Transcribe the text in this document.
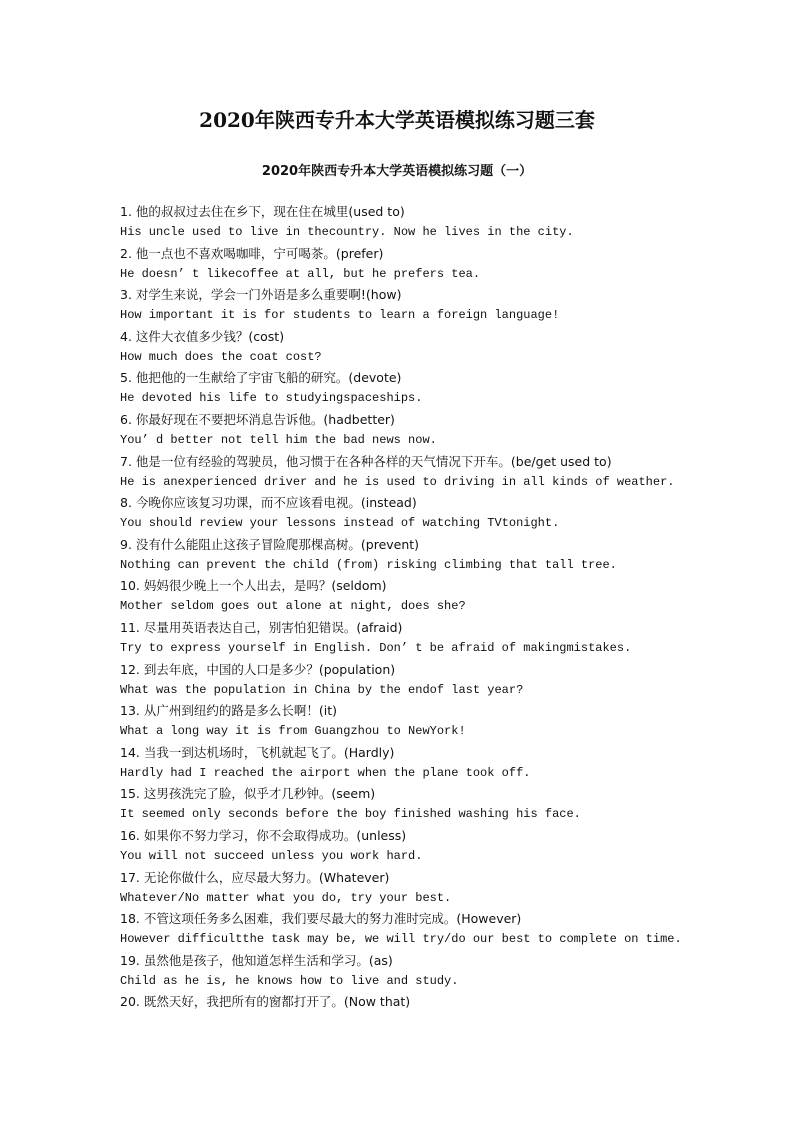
2020年陕西专升本大学英语模拟练习题三套
2020年陕西专升本大学英语模拟练习题（一）
1. 他的叔叔过去住在乡下，现在住在城里(used to)
His uncle used to live in thecountry. Now he lives in the city.
2. 他一点也不喜欢喝咖啡，宁可喝茶。(prefer)
He doesn’ t likecoffee at all, but he prefers tea.
3. 对学生来说，学会一门外语是多么重要啊!(how)
How important it is for students to learn a foreign language!
4. 这件大衣值多少钱？(cost)
How much does the coat cost?
5. 他把他的一生献给了宇宙飞船的研究。(devote)
He devoted his life to studyingspaceships.
6. 你最好现在不要把坏消息告诉他。(hadbetter)
You’ d better not tell him the bad news now.
7. 他是一位有经验的驾驶员，他习惯于在各种各样的天气情况下开车。(be/get used to)
He is anexperienced driver and he is used to driving in all kinds of weather.
8. 今晚你应该复习功课，而不应该看电视。(instead)
You should review your lessons instead of watching TVtonight.
9. 没有什么能阻止这孩子冒险爬那棵高树。(prevent)
Nothing can prevent the child (from) risking climbing that tall tree.
10. 妈妈很少晚上一个人出去，是吗？(seldom)
Mother seldom goes out alone at night, does she?
11. 尽量用英语表达自己，别害怕犯错误。(afraid)
Try to express yourself in English. Don’ t be afraid of makingmistakes.
12. 到去年底，中国的人口是多少？(population)
What was the population in China by the endof last year?
13. 从广州到纽约的路是多么长啊！(it)
What a long way it is from Guangzhou to NewYork!
14. 当我一到达机场时，飞机就起飞了。(Hardly)
Hardly had I reached the airport when the plane took off.
15. 这男孩洗完了脸，似乎才几秒钟。(seem)
It seemed only seconds before the boy finished washing his face.
16. 如果你不努力学习，你不会取得成功。(unless)
You will not succeed unless you work hard.
17. 无论你做什么，应尽最大努力。(Whatever)
Whatever/No matter what you do, try your best.
18. 不管这项任务多么困难，我们要尽最大的努力准时完成。(However)
However difficultthe task may be, we will try/do our best to complete on time.
19. 虽然他是孩子，他知道怎样生活和学习。(as)
Child as he is, he knows how to live and study.
20. 既然天好，我把所有的窗都打开了。(Now that)
